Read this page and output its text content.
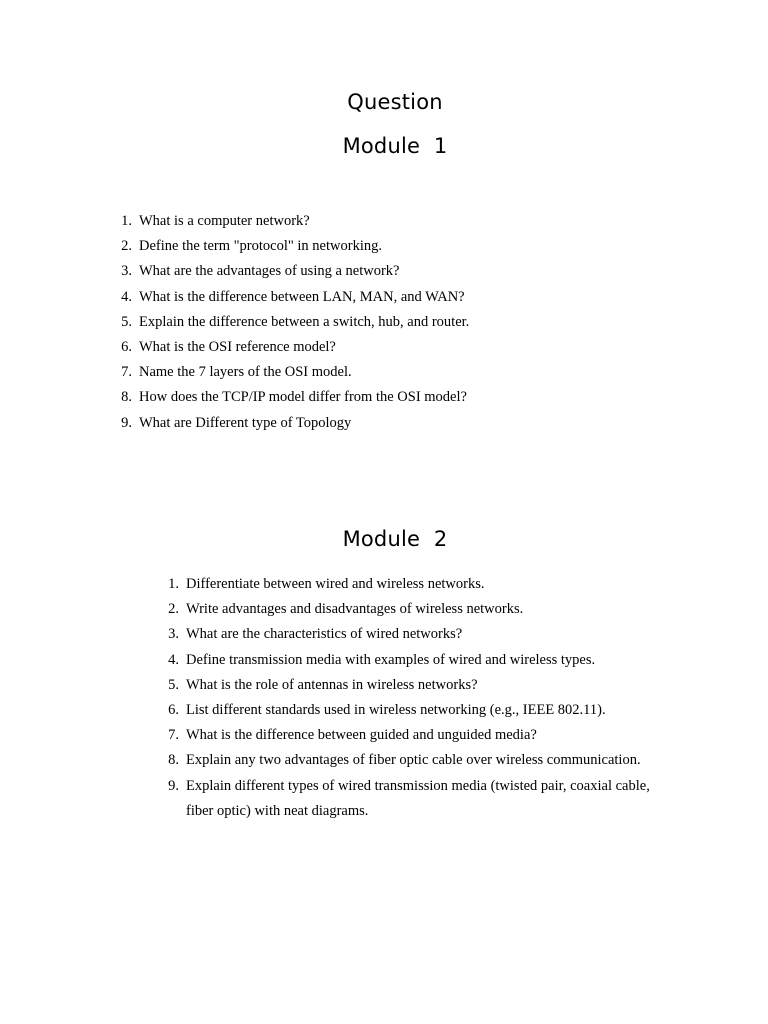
Question
Module  1
1. What is a computer network?
2. Define the term "protocol" in networking.
3. What are the advantages of using a network?
4. What is the difference between LAN, MAN, and WAN?
5. Explain the difference between a switch, hub, and router.
6. What is the OSI reference model?
7. Name the 7 layers of the OSI model.
8. How does the TCP/IP model differ from the OSI model?
9. What are Different type of Topology
Module  2
1. Differentiate between wired and wireless networks.
2. Write advantages and disadvantages of wireless networks.
3. What are the characteristics of wired networks?
4. Define transmission media with examples of wired and wireless types.
5. What is the role of antennas in wireless networks?
6. List different standards used in wireless networking (e.g., IEEE 802.11).
7. What is the difference between guided and unguided media?
8. Explain any two advantages of fiber optic cable over wireless communication.
9. Explain different types of wired transmission media (twisted pair, coaxial cable, fiber optic) with neat diagrams.
